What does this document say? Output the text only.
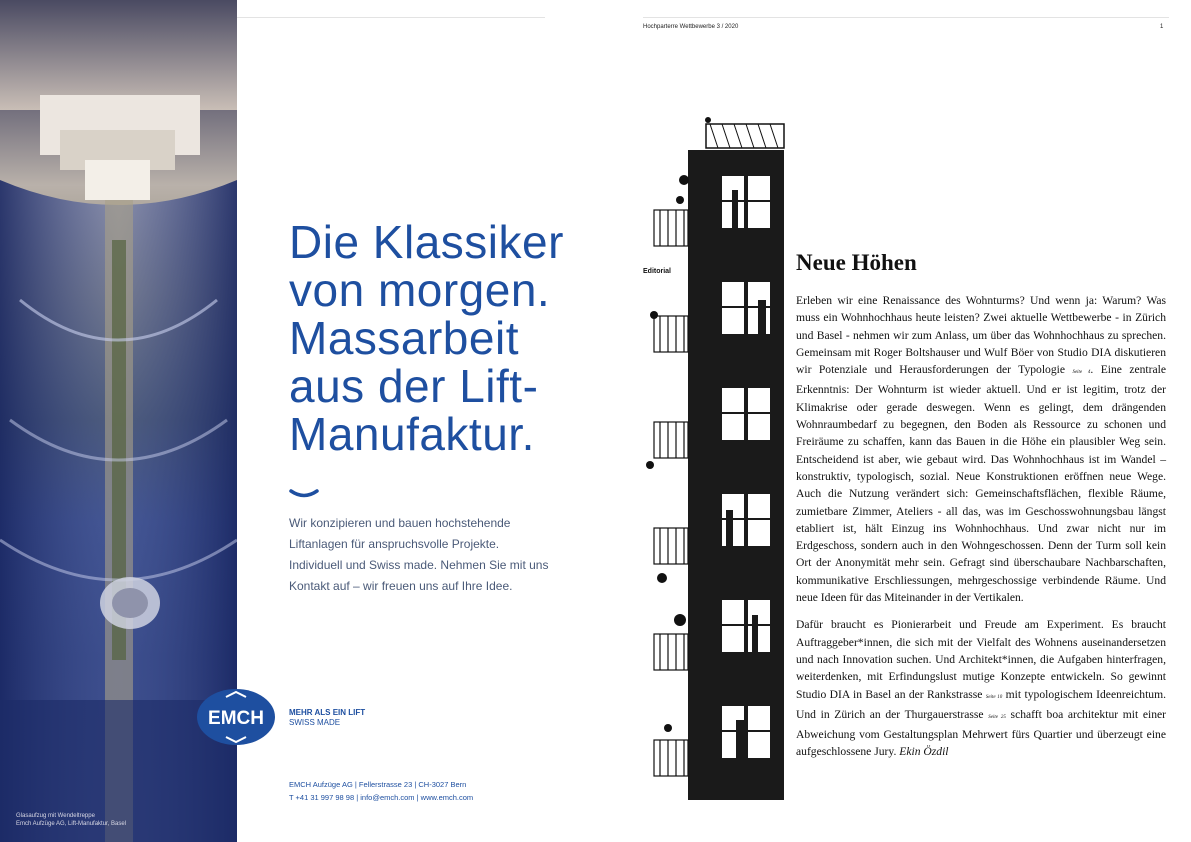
Glasaufzug mit Wendeltreppe
Emch Aufzüge AG, Lift-Manufaktur, Basel
Die Klassiker
von morgen.
Massarbeit
aus der Lift-
Manufaktur.
Wir konzipieren und bauen hochstehende Liftanlagen für anspruchsvolle Projekte. Individuell und Swiss made. Nehmen Sie mit uns Kontakt auf – wir freuen uns auf Ihre Idee.
EMCH	MEHR ALS EIN LIFT
SWISS MADE
EMCH Aufzüge AG | Fellerstrasse 23 | CH-3027 Bern
T +41 31 997 98 98 | info@emch.com | www.emch.com
Hochparterre Wettbewerbe 3 / 2020	1
Editorial	Neue Höhen

Erleben wir eine Renaissance des Wohnturms? Und wenn ja: Warum? Was muss ein Wohnhochhaus heute leisten? Zwei aktuelle Wettbewerbe - in Zürich und Basel - nehmen wir zum Anlass, um über das Wohnhochhaus zu sprechen. Gemeinsam mit Roger Boltshauser und Wulf Böer von Studio DIA diskutieren wir Potenziale und Herausforderungen der Typologie Seite 4. Eine zentrale Erkenntnis: Der Wohnturm ist wieder aktuell. Und er ist legitim, trotz der Klimakrise oder gerade deswegen. Wenn es gelingt, dem drängenden Wohnraumbedarf zu begegnen, den Boden als Ressource zu schonen und Freiräume zu schaffen, kann das Bauen in die Höhe ein plausibler Weg sein. Entscheidend ist aber, wie gebaut wird. Das Wohnhochhaus ist im Wandel – konstruktiv, typologisch, sozial. Neue Konstruktionen eröffnen neue Wege. Auch die Nutzung verändert sich: Gemeinschaftsflächen, flexible Räume, zumietbare Zimmer, Ateliers - all das, was im Geschosswohnungsbau längst etabliert ist, hält Einzug ins Wohnhochhaus. Und zwar nicht nur im Erdgeschoss, sondern auch in den Wohngeschossen. Denn der Turm soll kein Ort der Anonymität mehr sein. Gefragt sind überschaubare Nachbarschaften, kommunikative Erschliessungen, mehrgeschossige verbindende Räume. Und neue Ideen für das Miteinander in der Vertikalen.

Dafür braucht es Pionierarbeit und Freude am Experiment. Es braucht Auftraggeber*innen, die sich mit der Vielfalt des Wohnens auseinandersetzen und nach Innovation suchen. Und Architekt*innen, die Aufgaben hinterfragen, weiterdenken, mit Erfindungslust mutige Konzepte entwickeln. So gewinnt Studio DIA in Basel an der Rankstrasse Seite 10 mit typologischem Ideenreichtum. Und in Zürich an der Thurgauerstrasse Seite 25 schafft boa architektur mit einer Abweichung vom Gestaltungsplan Mehrwert fürs Quartier und überzeugt eine aufgeschlossene Jury. Ekin Özdil
